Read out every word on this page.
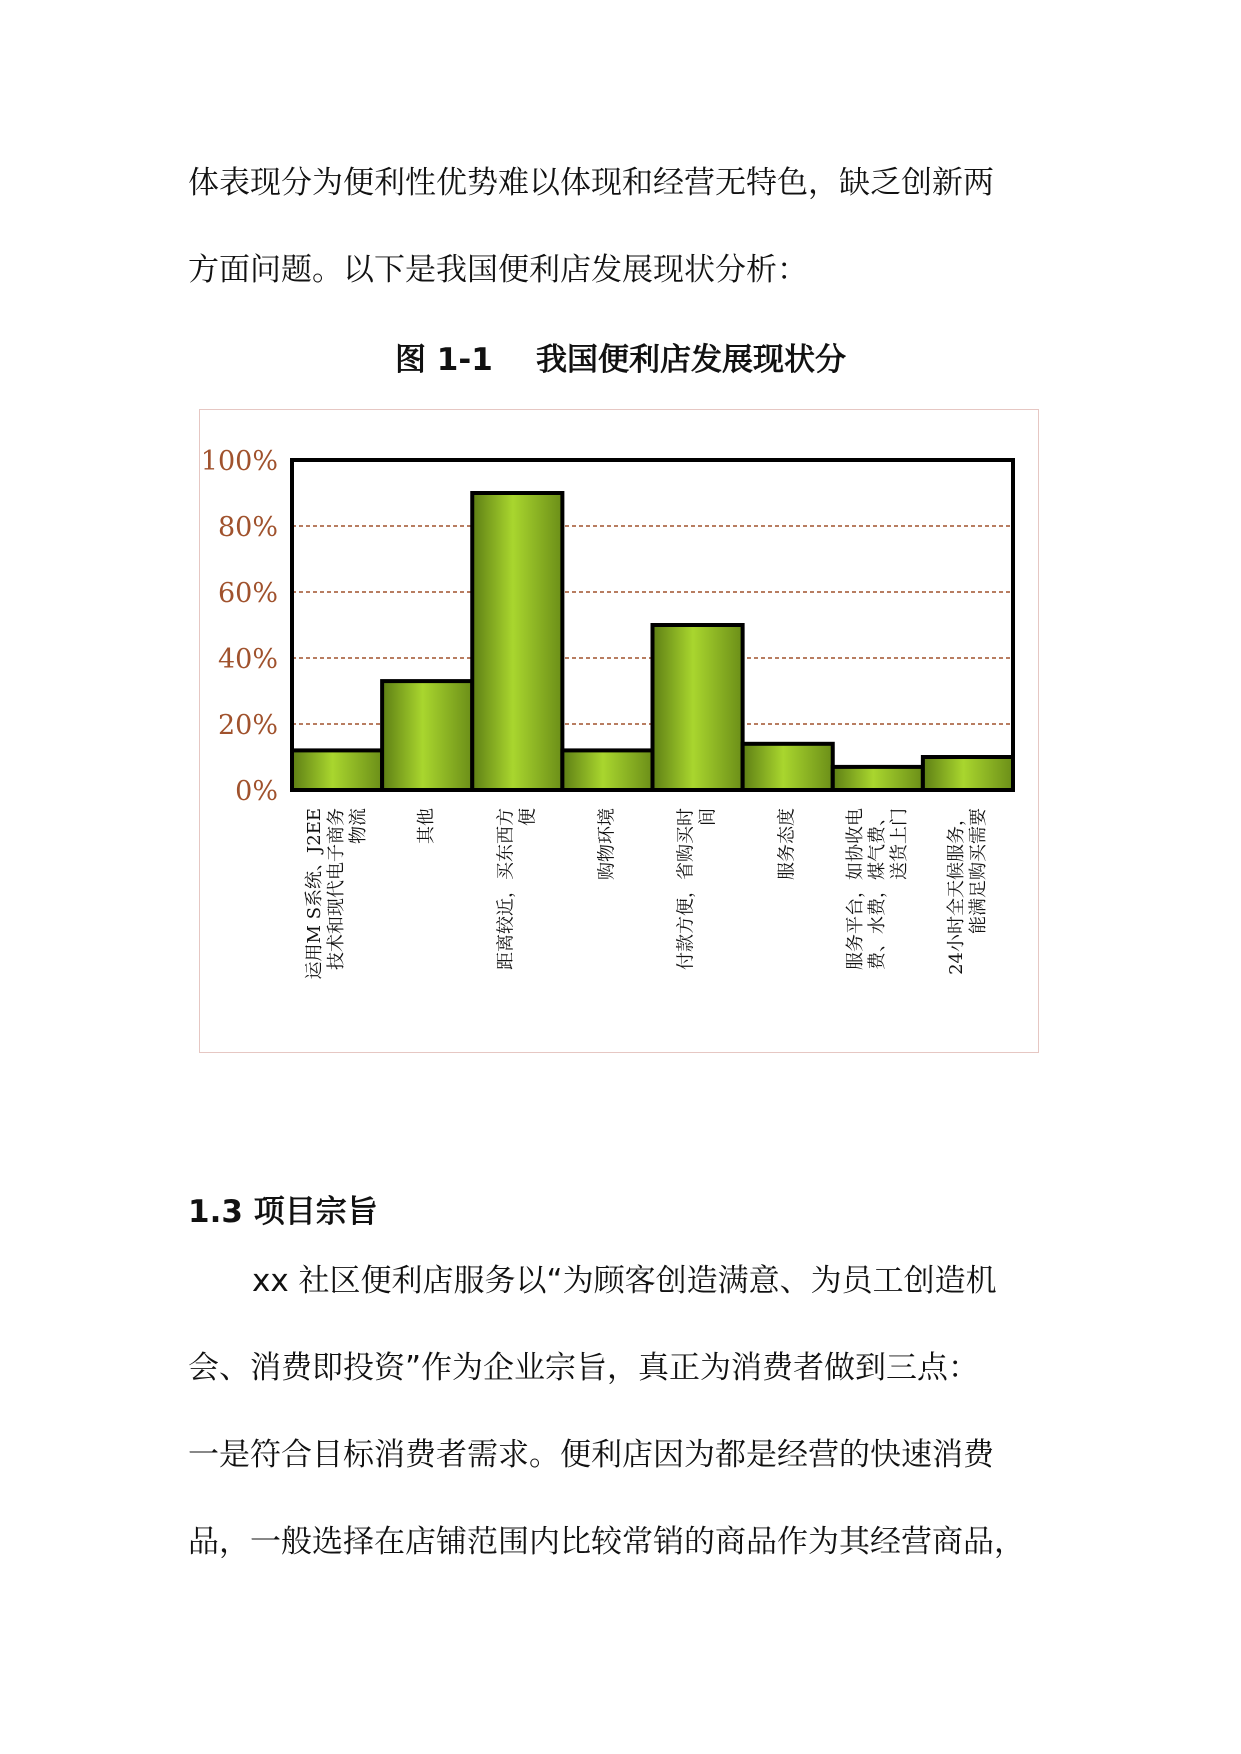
体表现分为便利性优势难以体现和经营无特色，缺乏创新两

方面问题。以下是我国便利店发展现状分析：

图 1-1    我国便利店发展现状分
0%
20%
40%
60%
80%
100%
运用M S系统、J2EE 技术和现代电子商务 物流	其他	距离较近，买东西方 便	购物环境	付款方便，省购买时 间	服务态度	服务平台，如协收电 费、水费，煤气费、 送货上门 24小时全天候服务， 能满足购买需要
1.3 项目宗旨

xx 社区便利店服务以“为顾客创造满意、为员工创造机

会、消费即投资”作为企业宗旨，真正为消费者做到三点：

一是符合目标消费者需求。便利店因为都是经营的快速消费

品，一般选择在店铺范围内比较常销的商品作为其经营商品，
